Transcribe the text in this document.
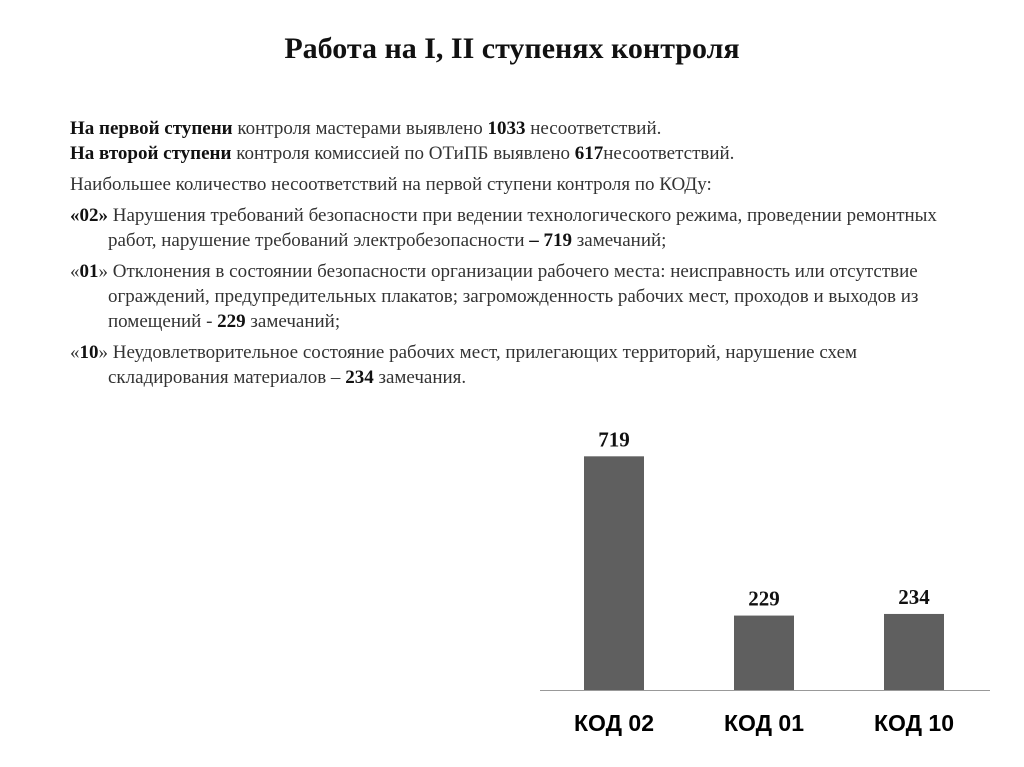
Работа на I, II ступенях контроля

На первой ступени контроля мастерами выявлено 1033 несоответствий.

На второй ступени контроля комиссией по ОТиПБ выявлено 617несоответствий.

Наибольшее количество несоответствий на первой ступени контроля по КОДу:

«02» Нарушения требований безопасности при ведении технологического режима, проведении ремонтных работ, нарушение требований электробезопасности – 719 замечаний;

«01» Отклонения в состоянии безопасности организации рабочего места: неисправность или отсутствие ограждений, предупредительных плакатов; загроможденность рабочих мест, проходов и выходов из помещений - 229 замечаний;

«10» Неудовлетворительное состояние рабочих мест, прилегающих территорий, нарушение схем складирования материалов – 234 замечания.

719
КОД 02
229
КОД 01
234
КОД 10
